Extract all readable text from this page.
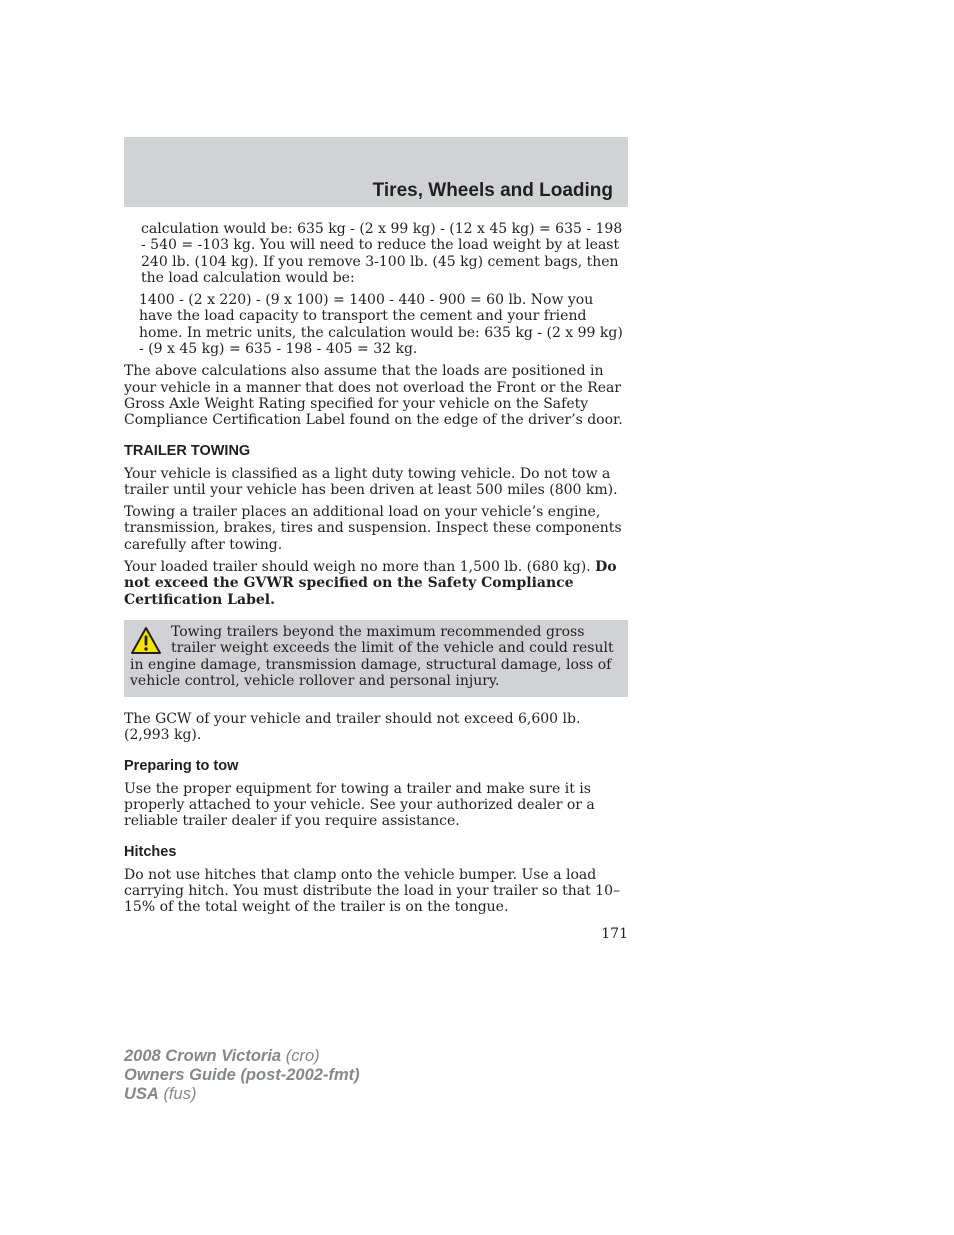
Tires, Wheels and Loading

calculation would be: 635 kg - (2 x 99 kg) - (12 x 45 kg) = 635 - 198 - 540 = -103 kg. You will need to reduce the load weight by at least 240 lb. (104 kg). If you remove 3-100 lb. (45 kg) cement bags, then the load calculation would be:

1400 - (2 x 220) - (9 x 100) = 1400 - 440 - 900 = 60 lb. Now you have the load capacity to transport the cement and your friend home. In metric units, the calculation would be: 635 kg - (2 x 99 kg) - (9 x 45 kg) = 635 - 198 - 405 = 32 kg.

The above calculations also assume that the loads are positioned in your vehicle in a manner that does not overload the Front or the Rear Gross Axle Weight Rating specified for your vehicle on the Safety Compliance Certification Label found on the edge of the driver’s door.

TRAILER TOWING

Your vehicle is classified as a light duty towing vehicle. Do not tow a trailer until your vehicle has been driven at least 500 miles (800 km).

Towing a trailer places an additional load on your vehicle’s engine, transmission, brakes, tires and suspension. Inspect these components carefully after towing.

Your loaded trailer should weigh no more than 1,500 lb. (680 kg). Do not exceed the GVWR specified on the Safety Compliance Certification Label.

Towing trailers beyond the maximum recommended gross trailer weight exceeds the limit of the vehicle and could result in engine damage, transmission damage, structural damage, loss of vehicle control, vehicle rollover and personal injury.

The GCW of your vehicle and trailer should not exceed 6,600 lb. (2,993 kg).

Preparing to tow

Use the proper equipment for towing a trailer and make sure it is properly attached to your vehicle. See your authorized dealer or a reliable trailer dealer if you require assistance.

Hitches

Do not use hitches that clamp onto the vehicle bumper. Use a load carrying hitch. You must distribute the load in your trailer so that 10–15% of the total weight of the trailer is on the tongue.

171
2008 Crown Victoria (cro)
Owners Guide (post-2002-fmt)
USA (fus)
